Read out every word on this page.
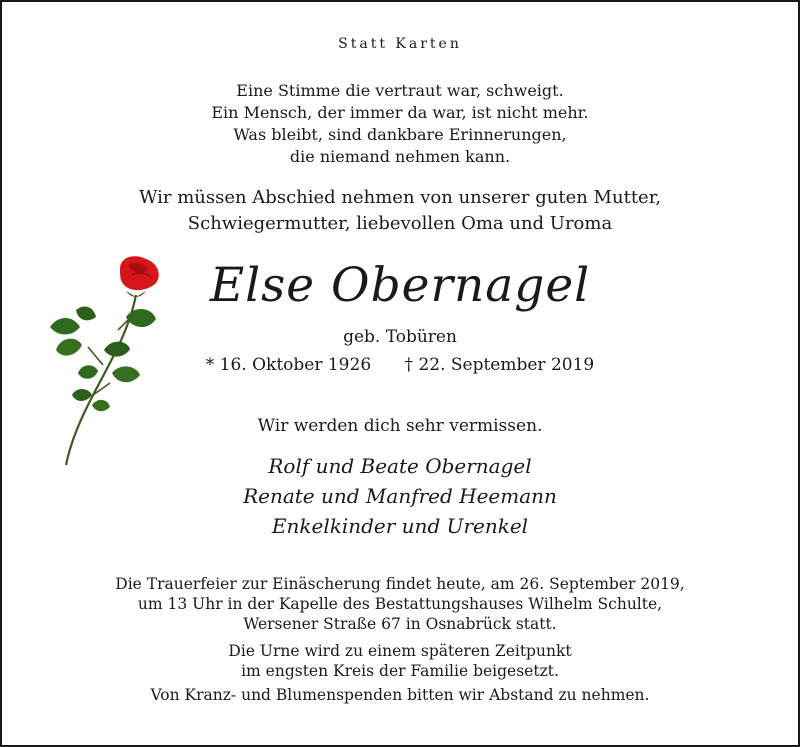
Statt Karten
Eine Stimme die vertraut war, schweigt.
Ein Mensch, der immer da war, ist nicht mehr.
Was bleibt, sind dankbare Erinnerungen,
die niemand nehmen kann.
Wir müssen Abschied nehmen von unserer guten Mutter,
Schwiegermutter, liebevollen Oma und Uroma
Else Obernagel
geb. Tobüren
* 16. Oktober 1926 † 22. September 2019
Wir werden dich sehr vermissen.
Rolf und Beate Obernagel
Renate und Manfred Heemann
Enkelkinder und Urenkel
Die Trauerfeier zur Einäscherung findet heute, am 26. September 2019,
um 13 Uhr in der Kapelle des Bestattungshauses Wilhelm Schulte,
Wersener Straße 67 in Osnabrück statt.
Die Urne wird zu einem späteren Zeitpunkt
im engsten Kreis der Familie beigesetzt.
Von Kranz- und Blumenspenden bitten wir Abstand zu nehmen.
